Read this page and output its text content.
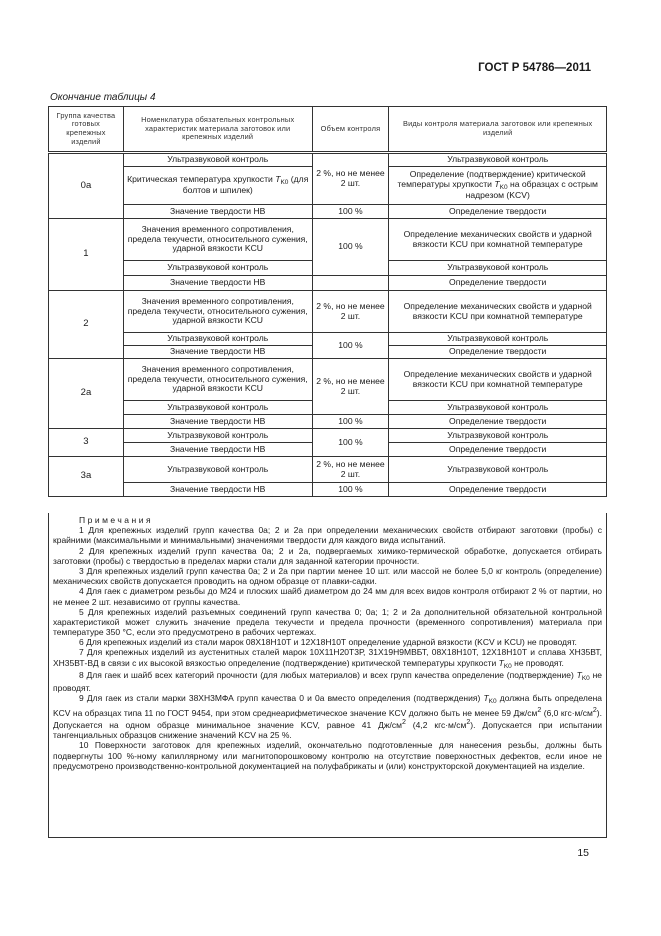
ГОСТ Р 54786—2011
Окончание таблицы 4
Группа качества готовых крепежных изделий	Номенклатура обязательных контрольных характеристик материала заготовок или крепежных изделий	Объем контроля	Виды контроля материала заготовок или крепежных изделий
0а	Ультразвуковой контроль	2 %, но не менее 2 шт.	Ультразвуковой контроль
	Критическая температура хрупкости $T_{K0}$ (для болтов и шпилек)		Определение (подтверждение) критической температуры хрупкости $T_{K0}$ на образцах с острым надрезом (KCV)
	Значение твердости НВ	100 %	Определение твердости
1	Значения временного сопротивления, предела текучести, относительного сужения, ударной вязкости KCU	100 %	Определение механических свойств и ударной вязкости KCU при комнатной температуре
	Ультразвуковой контроль		Ультразвуковой контроль
	Значение твердости НВ		Определение твердости
2	Значения временного сопротивления, предела текучести, относительного сужения, ударной вязкости KCU	2 %, но не менее 2 шт.	Определение механических свойств и ударной вязкости KCU при комнатной температуре
	Ультразвуковой контроль	100 %	Ультразвуковой контроль
	Значение твердости НВ		Определение твердости
2а	Значения временного сопротивления, предела текучести, относительного сужения, ударной вязкости KCU	2 %, но не менее 2 шт.	Определение механических свойств и ударной вязкости KCU при комнатной температуре
	Ультразвуковой контроль		Ультразвуковой контроль
	Значение твердости НВ	100 %	Определение твердости
3	Ультразвуковой контроль	100 %	Ультразвуковой контроль
	Значение твердости НВ		Определение твердости
3а	Ультразвуковой контроль	2 %, но не менее 2 шт.	Ультразвуковой контроль
	Значение твердости НВ	100 %	Определение твердости
Примечания

1 Для крепежных изделий групп качества 0а; 2 и 2а при определении механических свойств отбирают заготовки (пробы) с крайними (максимальными и минимальными) значениями твердости для каждого вида испытаний.

2 Для крепежных изделий групп качества 0а; 2 и 2а, подвергаемых химико-термической обработке, допускается отбирать заготовки (пробы) с твердостью в пределах марки стали для заданной категории прочности.

3 Для крепежных изделий групп качества 0а; 2 и 2а при партии менее 10 шт. или массой не более 5,0 кг контроль (определение) механических свойств допускается проводить на одном образце от плавки-садки.

4 Для гаек с диаметром резьбы до М24 и плоских шайб диаметром до 24 мм для всех видов контроля отбирают 2 % от партии, но не менее 2 шт. независимо от группы качества.

5 Для крепежных изделий разъемных соединений групп качества 0; 0а; 1; 2 и 2а дополнительной обязательной контрольной характеристикой может служить значение предела текучести и предела прочности (временного сопротивления) материала при температуре 350 °С, если это предусмотрено в рабочих чертежах.

6 Для крепежных изделий из стали марок 08Х18Н10Т и 12Х18Н10Т определение ударной вязкости (KCV и KCU) не проводят.

7 Для крепежных изделий из аустенитных сталей марок 10Х11Н20Т3Р, 31Х19Н9МВБТ, 08Х18Н10Т, 12Х18Н10Т и сплава ХН35ВТ, ХН35ВТ-ВД в связи с их высокой вязкостью определение (подтверждение) критической температуры хрупкости $T_{K0}$ не проводят.

8 Для гаек и шайб всех категорий прочности (для любых материалов) и всех групп качества определение (подтверждение) $T_{K0}$ не проводят.

9 Для гаек из стали марки 38ХН3МФА групп качества 0 и 0а вместо определения (подтверждения) $T_{K0}$ должна быть определена KCV на образцах типа 11 по ГОСТ 9454, при этом среднеарифметическое значение KCV должно быть не менее 59 $Дж/см^2$ (6,0 $кгс\cdot м/см^2$). Допускается на одном образце минимальное значение KCV, равное 41 $Дж/см^2$ (4,2 $кгс\cdot м/см^2$). Допускается при испытании тангенциальных образцов снижение значений KCV на 25 %.

10 Поверхности заготовок для крепежных изделий, окончательно подготовленные для нанесения резьбы, должны быть подвергнуты 100 %-ному капиллярному или магнитопорошковому контролю на отсутствие поверхностных дефектов, если иное не предусмотрено производственно-контрольной документацией на полуфабрикаты и (или) конструкторской документацией на изделие.

15
